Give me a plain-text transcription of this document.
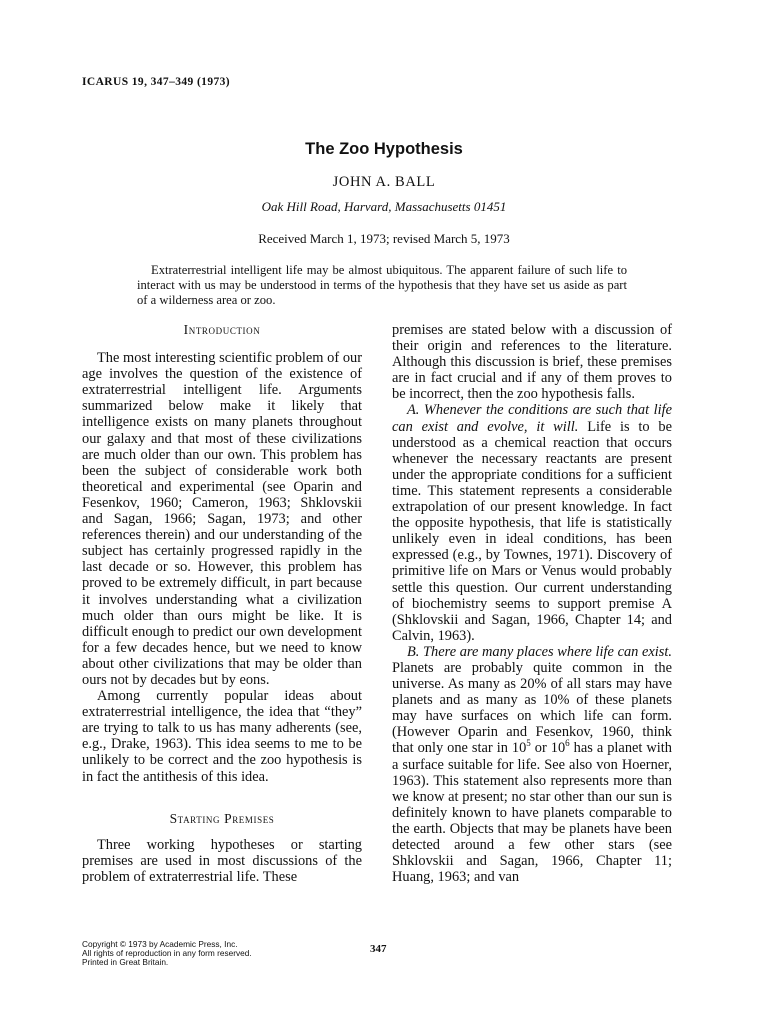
ICARUS 19, 347–349 (1973)
The Zoo Hypothesis
JOHN A. BALL
Oak Hill Road, Harvard, Massachusetts 01451
Received March 1, 1973; revised March 5, 1973
Extraterrestrial intelligent life may be almost ubiquitous. The apparent failure of such life to interact with us may be understood in terms of the hypothesis that they have set us aside as part of a wilderness area or zoo.
Introduction

The most interesting scientific problem of our age involves the question of the existence of extraterrestrial intelligent life. Arguments summarized below make it likely that intelligence exists on many planets throughout our galaxy and that most of these civilizations are much older than our own. This problem has been the subject of considerable work both theoretical and experimental (see Oparin and Fesenkov, 1960; Cameron, 1963; Shklovskii and Sagan, 1966; Sagan, 1973; and other references therein) and our understanding of the subject has certainly progressed rapidly in the last decade or so. However, this problem has proved to be extremely difficult, in part because it involves understanding what a civilization much older than ours might be like. It is difficult enough to predict our own development for a few decades hence, but we need to know about other civilizations that may be older than ours not by decades but by eons.

Among currently popular ideas about extraterrestrial intelligence, the idea that “they” are trying to talk to us has many adherents (see, e.g., Drake, 1963). This idea seems to me to be unlikely to be correct and the zoo hypothesis is in fact the antithesis of this idea.

Starting Premises

Three working hypotheses or starting premises are used in most discussions of the problem of extraterrestrial life. These

premises are stated below with a discussion of their origin and references to the literature. Although this discussion is brief, these premises are in fact crucial and if any of them proves to be incorrect, then the zoo hypothesis falls.

A. Whenever the conditions are such that life can exist and evolve, it will. Life is to be understood as a chemical reaction that occurs whenever the necessary reactants are present under the appropriate conditions for a sufficient time. This statement represents a considerable extrapolation of our present knowledge. In fact the opposite hypothesis, that life is statistically unlikely even in ideal conditions, has been expressed (e.g., by Townes, 1971). Discovery of primitive life on Mars or Venus would probably settle this question. Our current understanding of biochemistry seems to support premise A (Shklovskii and Sagan, 1966, Chapter 14; and Calvin, 1963).

B. There are many places where life can exist. Planets are probably quite common in the universe. As many as 20% of all stars may have planets and as many as 10% of these planets may have surfaces on which life can form. (However Oparin and Fesenkov, 1960, think that only one star in $10^5$ or $10^6$ has a planet with a surface suitable for life. See also von Hoerner, 1963). This statement also represents more than we know at present; no star other than our sun is definitely known to have planets comparable to the earth. Objects that may be planets have been detected around a few other stars (see Shklovskii and Sagan, 1966, Chapter 11; Huang, 1963; and van

Copyright © 1973 by Academic Press, Inc.
All rights of reproduction in any form reserved.
Printed in Great Britain.
347
